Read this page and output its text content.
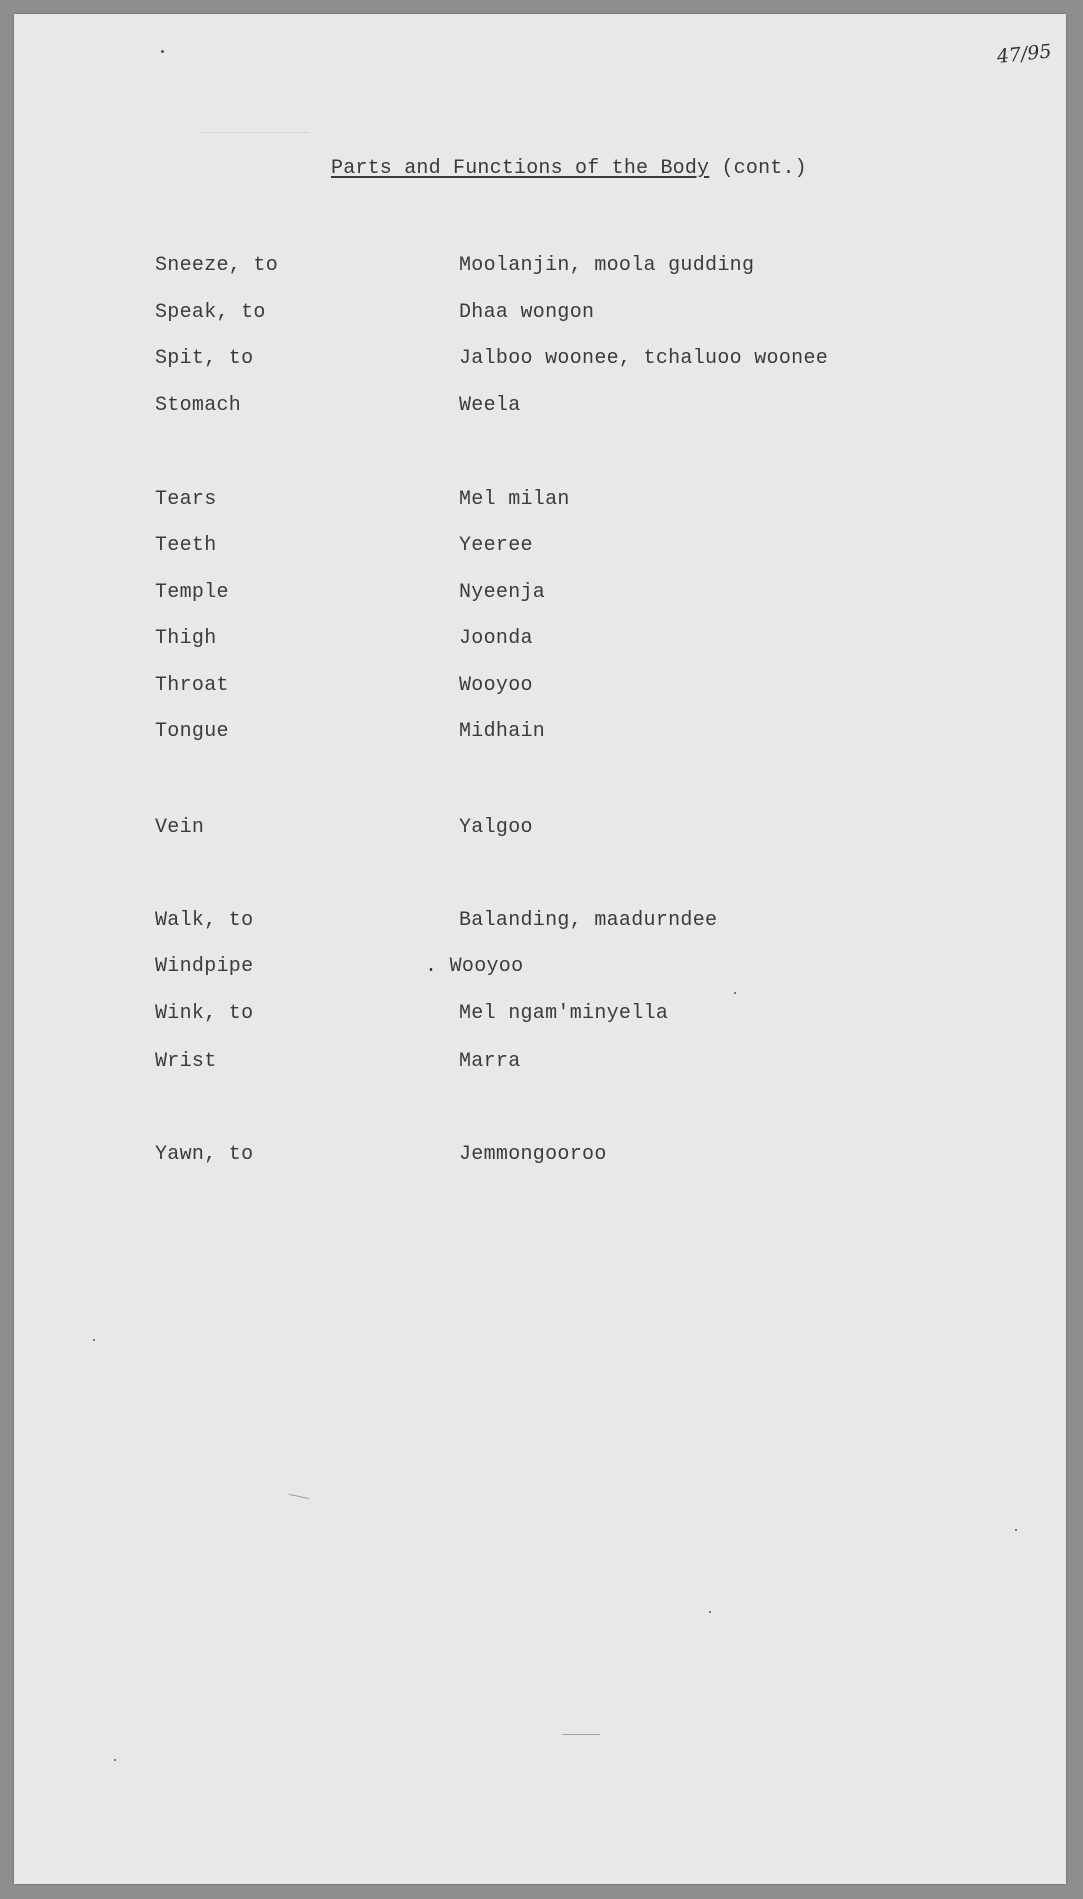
47/95
Parts and Functions of the Body (cont.)
Sneeze, to	Moolanjin, moola gudding
Speak, to	Dhaa wongon
Spit, to	Jalboo woonee, tchaluoo woonee
Stomach	Weela
Tears	Mel milan
Teeth	Yeeree
Temple	Nyeenja
Thigh	Joonda
Throat	Wooyoo
Tongue	Midhain
Vein	Yalgoo
Walk, to	Balanding, maadurndee
Windpipe	. Wooyoo
Wink, to	Mel ngam'minyella
Wrist	Marra
Yawn, to	Jemmongooroo
